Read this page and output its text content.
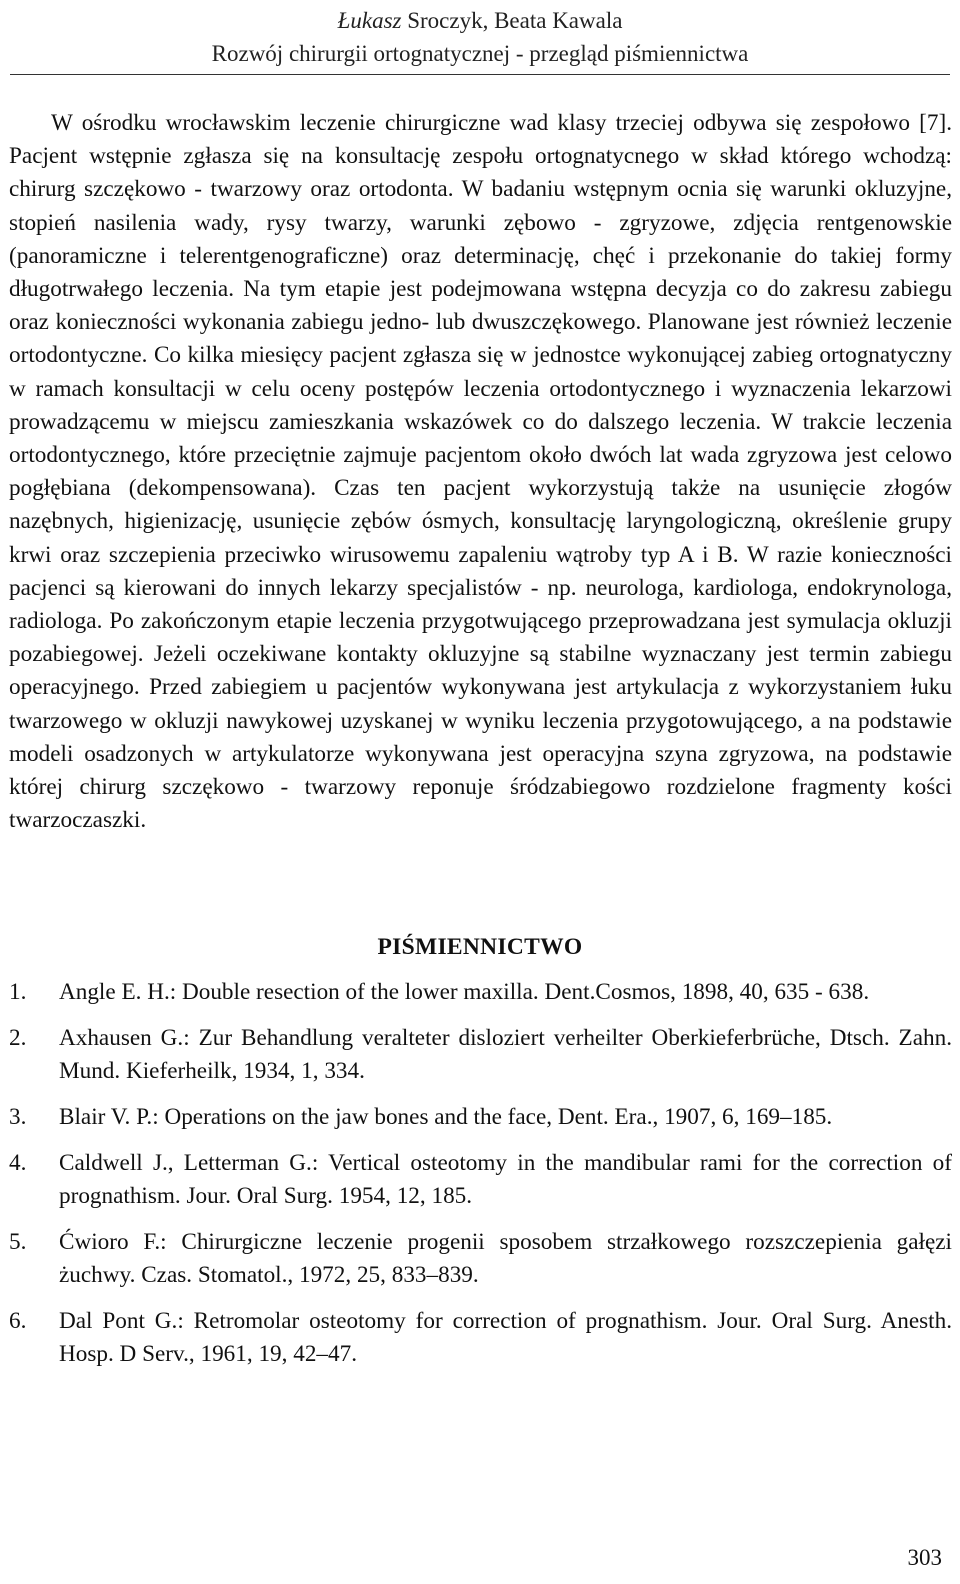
Łukasz Sroczyk, Beata Kawala
Rozwój chirurgii ortognatycznej - przegląd piśmiennictwa

W ośrodku wrocławskim leczenie chirurgiczne wad klasy trzeciej odbywa się zespołowo [7]. Pacjent wstępnie zgłasza się na konsultację zespołu ortognatycnego w skład którego wchodzą: chirurg szczękowo - twarzowy oraz ortodonta. W badaniu wstępnym ocnia się warunki okluzyjne, stopień nasilenia wady, rysy twarzy, warunki zębowo - zgryzowe, zdjęcia rentgenowskie (panoramiczne i telerentgenograficzne) oraz determinację, chęć i przekonanie do takiej formy długotrwałego leczenia. Na tym etapie jest podejmowana wstępna decyzja co do zakresu zabiegu oraz konieczności wykonania zabiegu jedno- lub dwuszczękowego. Planowane jest również leczenie ortodontyczne. Co kilka miesięcy pacjent zgłasza się w jednostce wykonującej zabieg ortognatyczny w ramach konsultacji w celu oceny postępów leczenia ortodontycznego i wyznaczenia lekarzowi prowadzącemu w miejscu zamieszkania wskazówek co do dalszego leczenia. W trakcie leczenia ortodontycznego, które przeciętnie zajmuje pacjentom około dwóch lat wada zgryzowa jest celowo pogłębiana (dekompensowana). Czas ten pacjent wykorzystują także na usunięcie złogów nazębnych, higienizację, usunięcie zębów ósmych, konsultację laryngologiczną, określenie grupy krwi oraz szczepienia przeciwko wirusowemu zapaleniu wątroby typ A i B. W razie konieczności pacjenci są kierowani do innych lekarzy specjalistów - np. neurologa, kardiologa, endokrynologa, radiologa. Po zakończonym etapie leczenia przygotwującego przeprowadzana jest symulacja okluzji pozabiegowej. Jeżeli oczekiwane kontakty okluzyjne są stabilne wyznaczany jest termin zabiegu operacyjnego. Przed zabiegiem u pacjentów wykonywana jest artykulacja z wykorzystaniem łuku twarzowego w okluzji nawykowej uzyskanej w wyniku leczenia przygotowującego, a na podstawie modeli osadzonych w artykulatorze wykonywana jest operacyjna szyna zgryzowa, na podstawie której chirurg szczękowo - twarzowy reponuje śródzabiegowo rozdzielone fragmenty kości twarzoczaszki.

PIŚMIENNICTWO
1. Angle E. H.: Double resection of the lower maxilla. Dent.Cosmos, 1898, 40, 635 - 638.
2. Axhausen G.: Zur Behandlung veralteter disloziert verheilter Oberkieferbrüche, Dtsch. Zahn. Mund. Kieferheilk, 1934, 1, 334.
3. Blair V. P.: Operations on the jaw bones and the face, Dent. Era., 1907, 6, 169–185.
4. Caldwell J., Letterman G.: Vertical osteotomy in the mandibular rami for the correction of prognathism. Jour. Oral Surg. 1954, 12, 185.
5. Ćwioro F.: Chirurgiczne leczenie progenii sposobem strzałkowego rozszczepienia gałęzi żuchwy. Czas. Stomatol., 1972, 25, 833–839.
6. Dal Pont G.: Retromolar osteotomy for correction of prognathism. Jour. Oral Surg. Anesth. Hosp. D Serv., 1961, 19, 42–47.
303
